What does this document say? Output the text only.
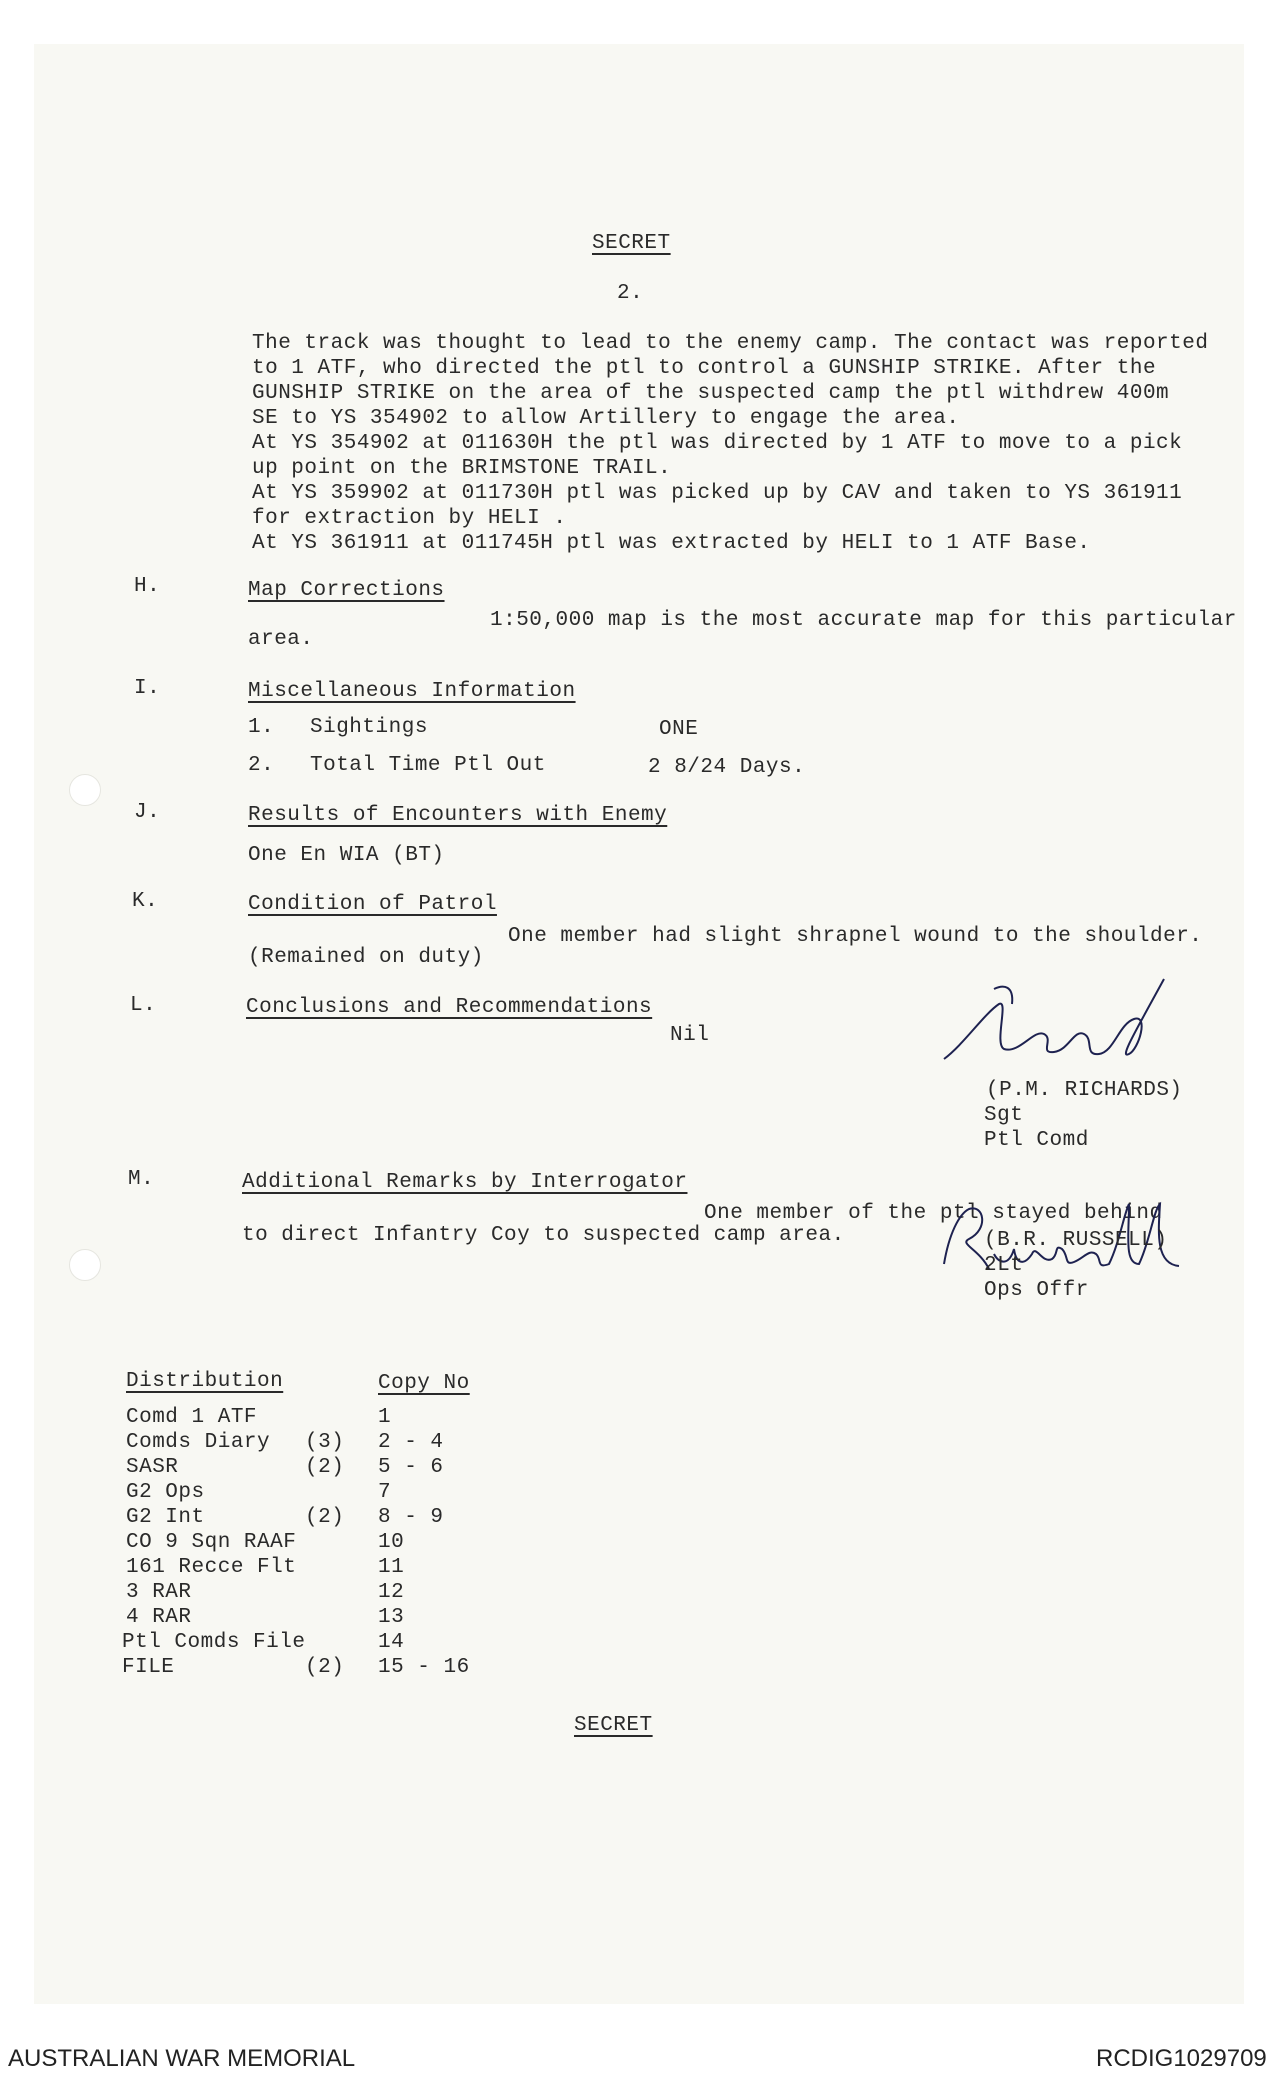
SECRET
2.
The track was thought to lead to the enemy camp. The contact was reported
to 1 ATF, who directed the ptl to control a GUNSHIP STRIKE. After the
GUNSHIP STRIKE on the area of the suspected camp the ptl withdrew 400m
SE to YS 354902 to allow Artillery to engage the area.
At YS 354902 at 011630H the ptl was directed by 1 ATF to move to a pick
up point on the BRIMSTONE TRAIL.
At YS 359902 at 011730H ptl was picked up by CAV and taken to YS 361911
for extraction by HELI .
At YS 361911 at 011745H ptl was extracted by HELI to 1 ATF Base.
H.	Map Corrections
1:50,000 map is the most accurate map for this particular
area.
I.	Miscellaneous Information
1. Sightings	ONE
2. Total Time Ptl Out	2 8/24 Days.
J.	Results of Encounters with Enemy
One En WIA (BT)
K.	Condition of Patrol
One member had slight shrapnel wound to the shoulder.
(Remained on duty)
L.	Conclusions and Recommendations
Nil
(P.M. RICHARDS)
Sgt
Ptl Comd
M.	Additional Remarks by Interrogator
One member of the ptl stayed behind
to direct Infantry Coy to suspected camp area.	(B.R. RUSSELL)
2Lt
Ops Offr
Distribution	Copy No
Comd 1 ATF	1
Comds Diary (3) 2 - 4
SASR	(2) 5 - 6
G2 Ops	7
G2 Int	(2) 8 - 9
CO 9 Sqn RAAF	10
161 Recce Flt	11
3 RAR	12
4 RAR	13
Ptl Comds File	14
FILE	(2) 15 - 16
SECRET
AUSTRALIAN WAR MEMORIAL	RCDIG1029709
